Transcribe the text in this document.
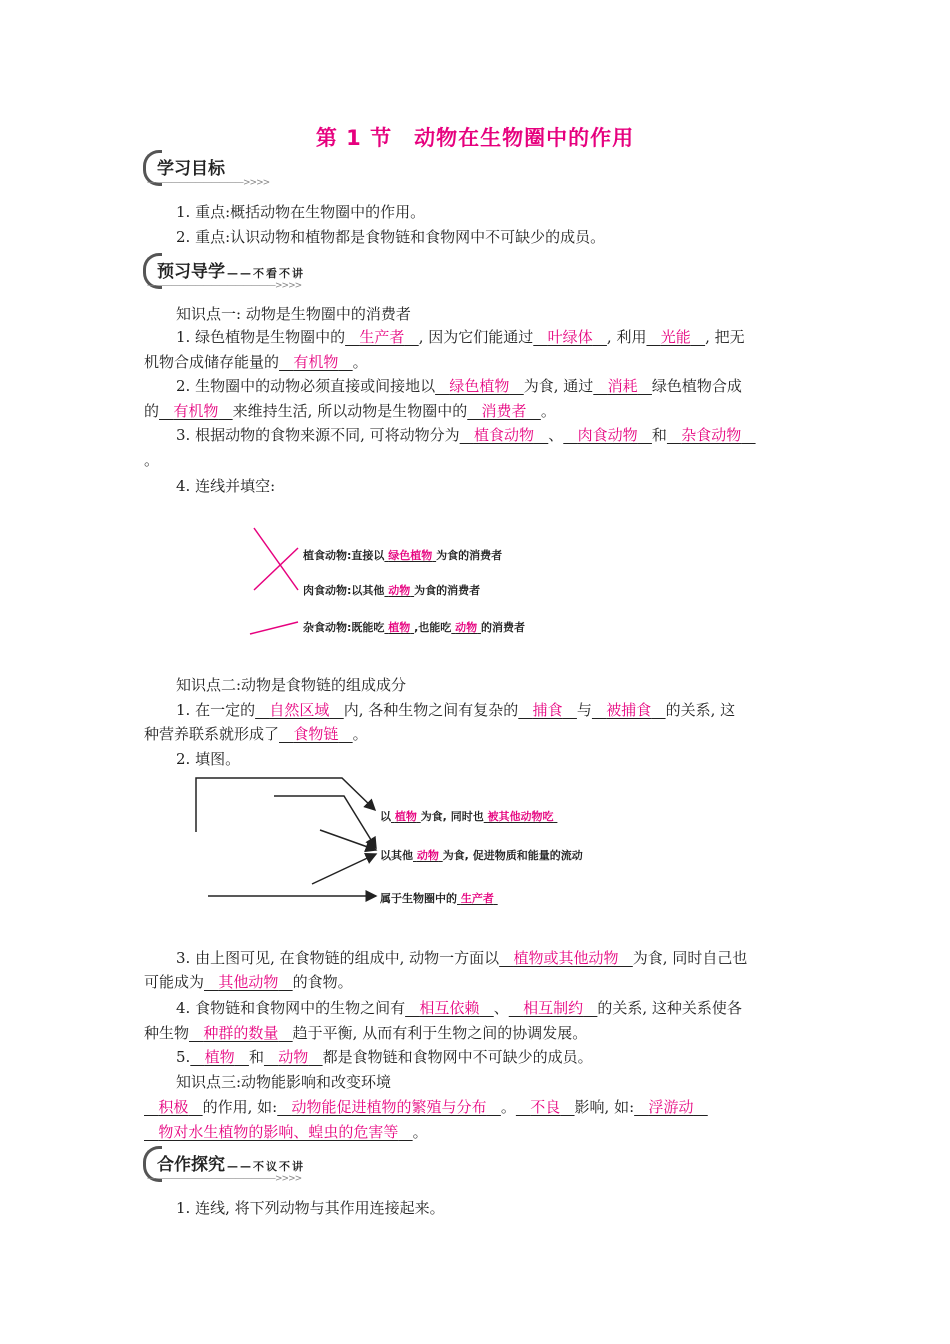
第 1 节　动物在生物圈中的作用
学习目标
————————————>>>>
1. 重点:概括动物在生物圈中的作用。
2. 重点:认识动物和植物都是食物链和食物网中不可缺少的成员。
预习导学 ——不看不讲
————————————————>>>>
知识点一: 动物是生物圈中的消费者
1. 绿色植物是生物圈中的 生产者 , 因为它们能通过 叶绿体 , 利用 光能 , 把无
机物合成储存能量的 有机物 。
2. 生物圈中的动物必须直接或间接地以 绿色植物 为食, 通过 消耗 绿色植物合成
的 有机物 来维持生活, 所以动物是生物圈中的 消费者 。
3. 根据动物的食物来源不同, 可将动物分为 植食动物 、 肉食动物 和 杂食动物
。
4. 连线并填空:
植食动物:直接以 绿色植物 为食的消费者
肉食动物:以其他 动物 为食的消费者
杂食动物:既能吃 植物 ,也能吃 动物 的消费者
知识点二:动物是食物链的组成成分
1. 在一定的 自然区域 内, 各种生物之间有复杂的 捕食 与 被捕食 的关系, 这
种营养联系就形成了 食物链 。
2. 填图。
以 植物 为食, 同时也 被其他动物吃
以其他 动物 为食, 促进物质和能量的流动
属于生物圈中的 生产者
3. 由上图可见, 在食物链的组成中, 动物一方面以 植物或其他动物 为食, 同时自己也
可能成为 其他动物 的食物。
4. 食物链和食物网中的生物之间有 相互依赖 、 相互制约 的关系, 这种关系使各
种生物 种群的数量 趋于平衡, 从而有利于生物之间的协调发展。
5. 植物 和 动物 都是食物链和食物网中不可缺少的成员。
知识点三:动物能影响和改变环境
积极 的作用, 如: 动物能促进植物的繁殖与分布 。 不良 影响, 如: 浮游动
物对水生植物的影响、蝗虫的危害等 。
合作探究 ——不议不讲
————————————————>>>>
1. 连线, 将下列动物与其作用连接起来。
